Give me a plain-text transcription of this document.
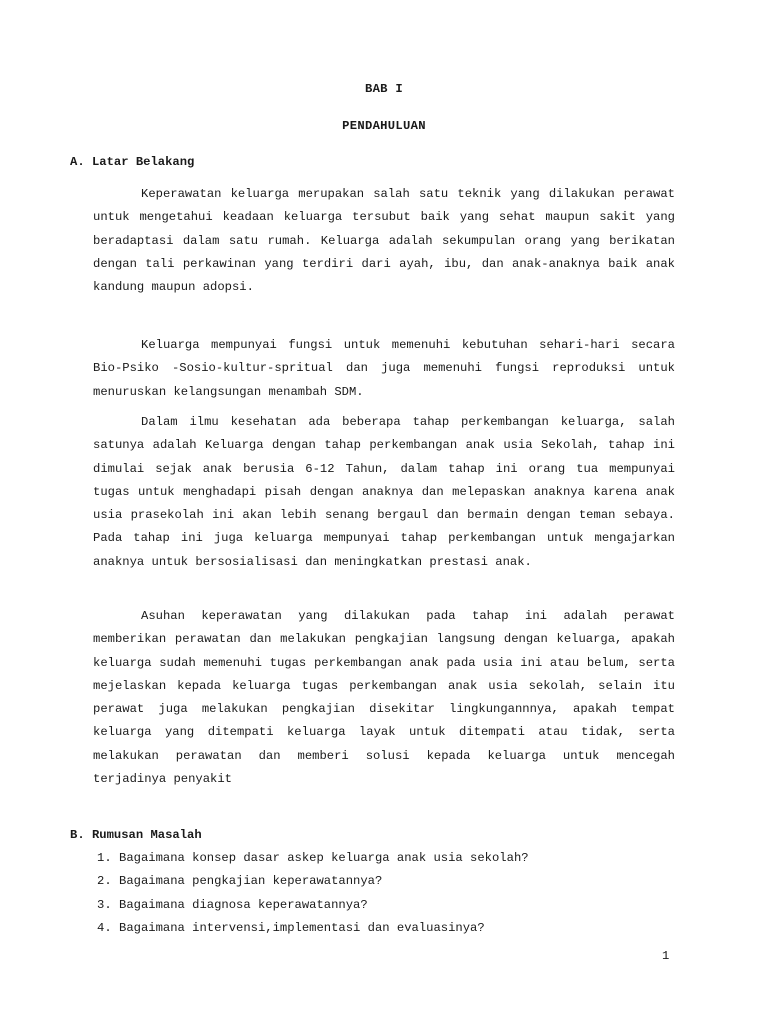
BAB I
PENDAHULUAN
A. Latar Belakang

Keperawatan keluarga merupakan salah satu teknik yang dilakukan perawat untuk mengetahui keadaan keluarga tersubut baik yang sehat maupun sakit yang beradaptasi dalam satu rumah. Keluarga adalah sekumpulan orang yang berikatan dengan tali perkawinan yang terdiri dari ayah, ibu, dan anak-anaknya baik anak kandung maupun adopsi.

Keluarga mempunyai fungsi untuk memenuhi kebutuhan sehari-hari secara Bio-Psiko -Sosio-kultur-spritual dan juga memenuhi fungsi reproduksi untuk menuruskan kelangsungan menambah SDM.

Dalam ilmu kesehatan ada beberapa tahap perkembangan keluarga, salah satunya adalah Keluarga dengan tahap perkembangan anak usia Sekolah, tahap ini dimulai sejak anak berusia 6-12 Tahun, dalam tahap ini orang tua mempunyai tugas untuk menghadapi pisah dengan anaknya dan melepaskan anaknya karena anak usia prasekolah ini akan lebih senang bergaul dan bermain dengan teman sebaya. Pada tahap ini juga keluarga mempunyai tahap perkembangan untuk mengajarkan anaknya untuk bersosialisasi dan meningkatkan prestasi anak.

Asuhan keperawatan yang dilakukan pada tahap ini adalah perawat memberikan perawatan dan melakukan pengkajian langsung dengan keluarga, apakah keluarga sudah memenuhi tugas perkembangan anak pada usia ini atau belum, serta mejelaskan kepada keluarga tugas perkembangan anak usia sekolah, selain itu perawat juga melakukan pengkajian disekitar lingkungannnya, apakah tempat keluarga yang ditempati keluarga layak untuk ditempati atau tidak, serta melakukan perawatan dan memberi solusi kepada keluarga untuk mencegah terjadinya penyakit

B. Rumusan Masalah
1. Bagaimana konsep dasar askep keluarga anak usia sekolah?
2. Bagaimana pengkajian keperawatannya?
3. Bagaimana diagnosa keperawatannya?
4. Bagaimana intervensi,implementasi dan evaluasinya?
1
